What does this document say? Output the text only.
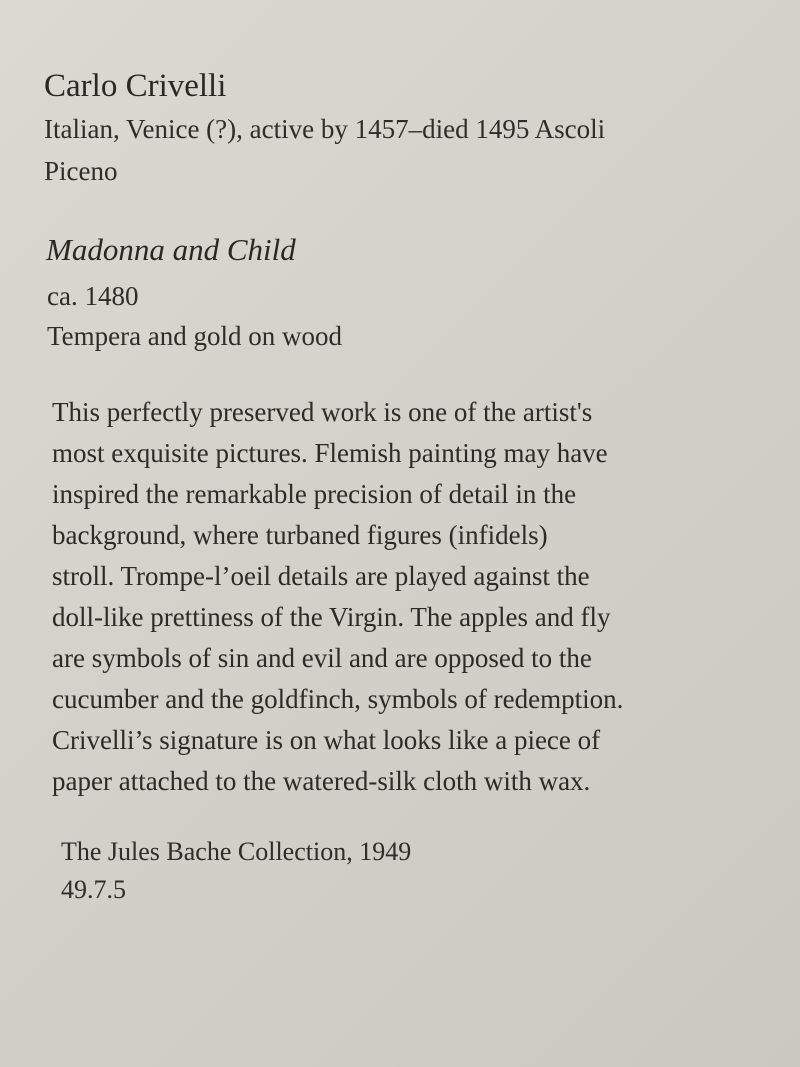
Carlo Crivelli
Italian, Venice (?), active by 1457–died 1495 Ascoli
Piceno
Madonna and Child

ca. 1480

Tempera and gold on wood

This perfectly preserved work is one of the artist's
most exquisite pictures. Flemish painting may have
inspired the remarkable precision of detail in the
background, where turbaned figures (infidels)
stroll. Trompe-l’oeil details are played against the
doll-like prettiness of the Virgin. The apples and fly
are symbols of sin and evil and are opposed to the
cucumber and the goldfinch, symbols of redemption.
Crivelli’s signature is on what looks like a piece of
paper attached to the watered-silk cloth with wax.

The Jules Bache Collection, 1949

49.7.5
